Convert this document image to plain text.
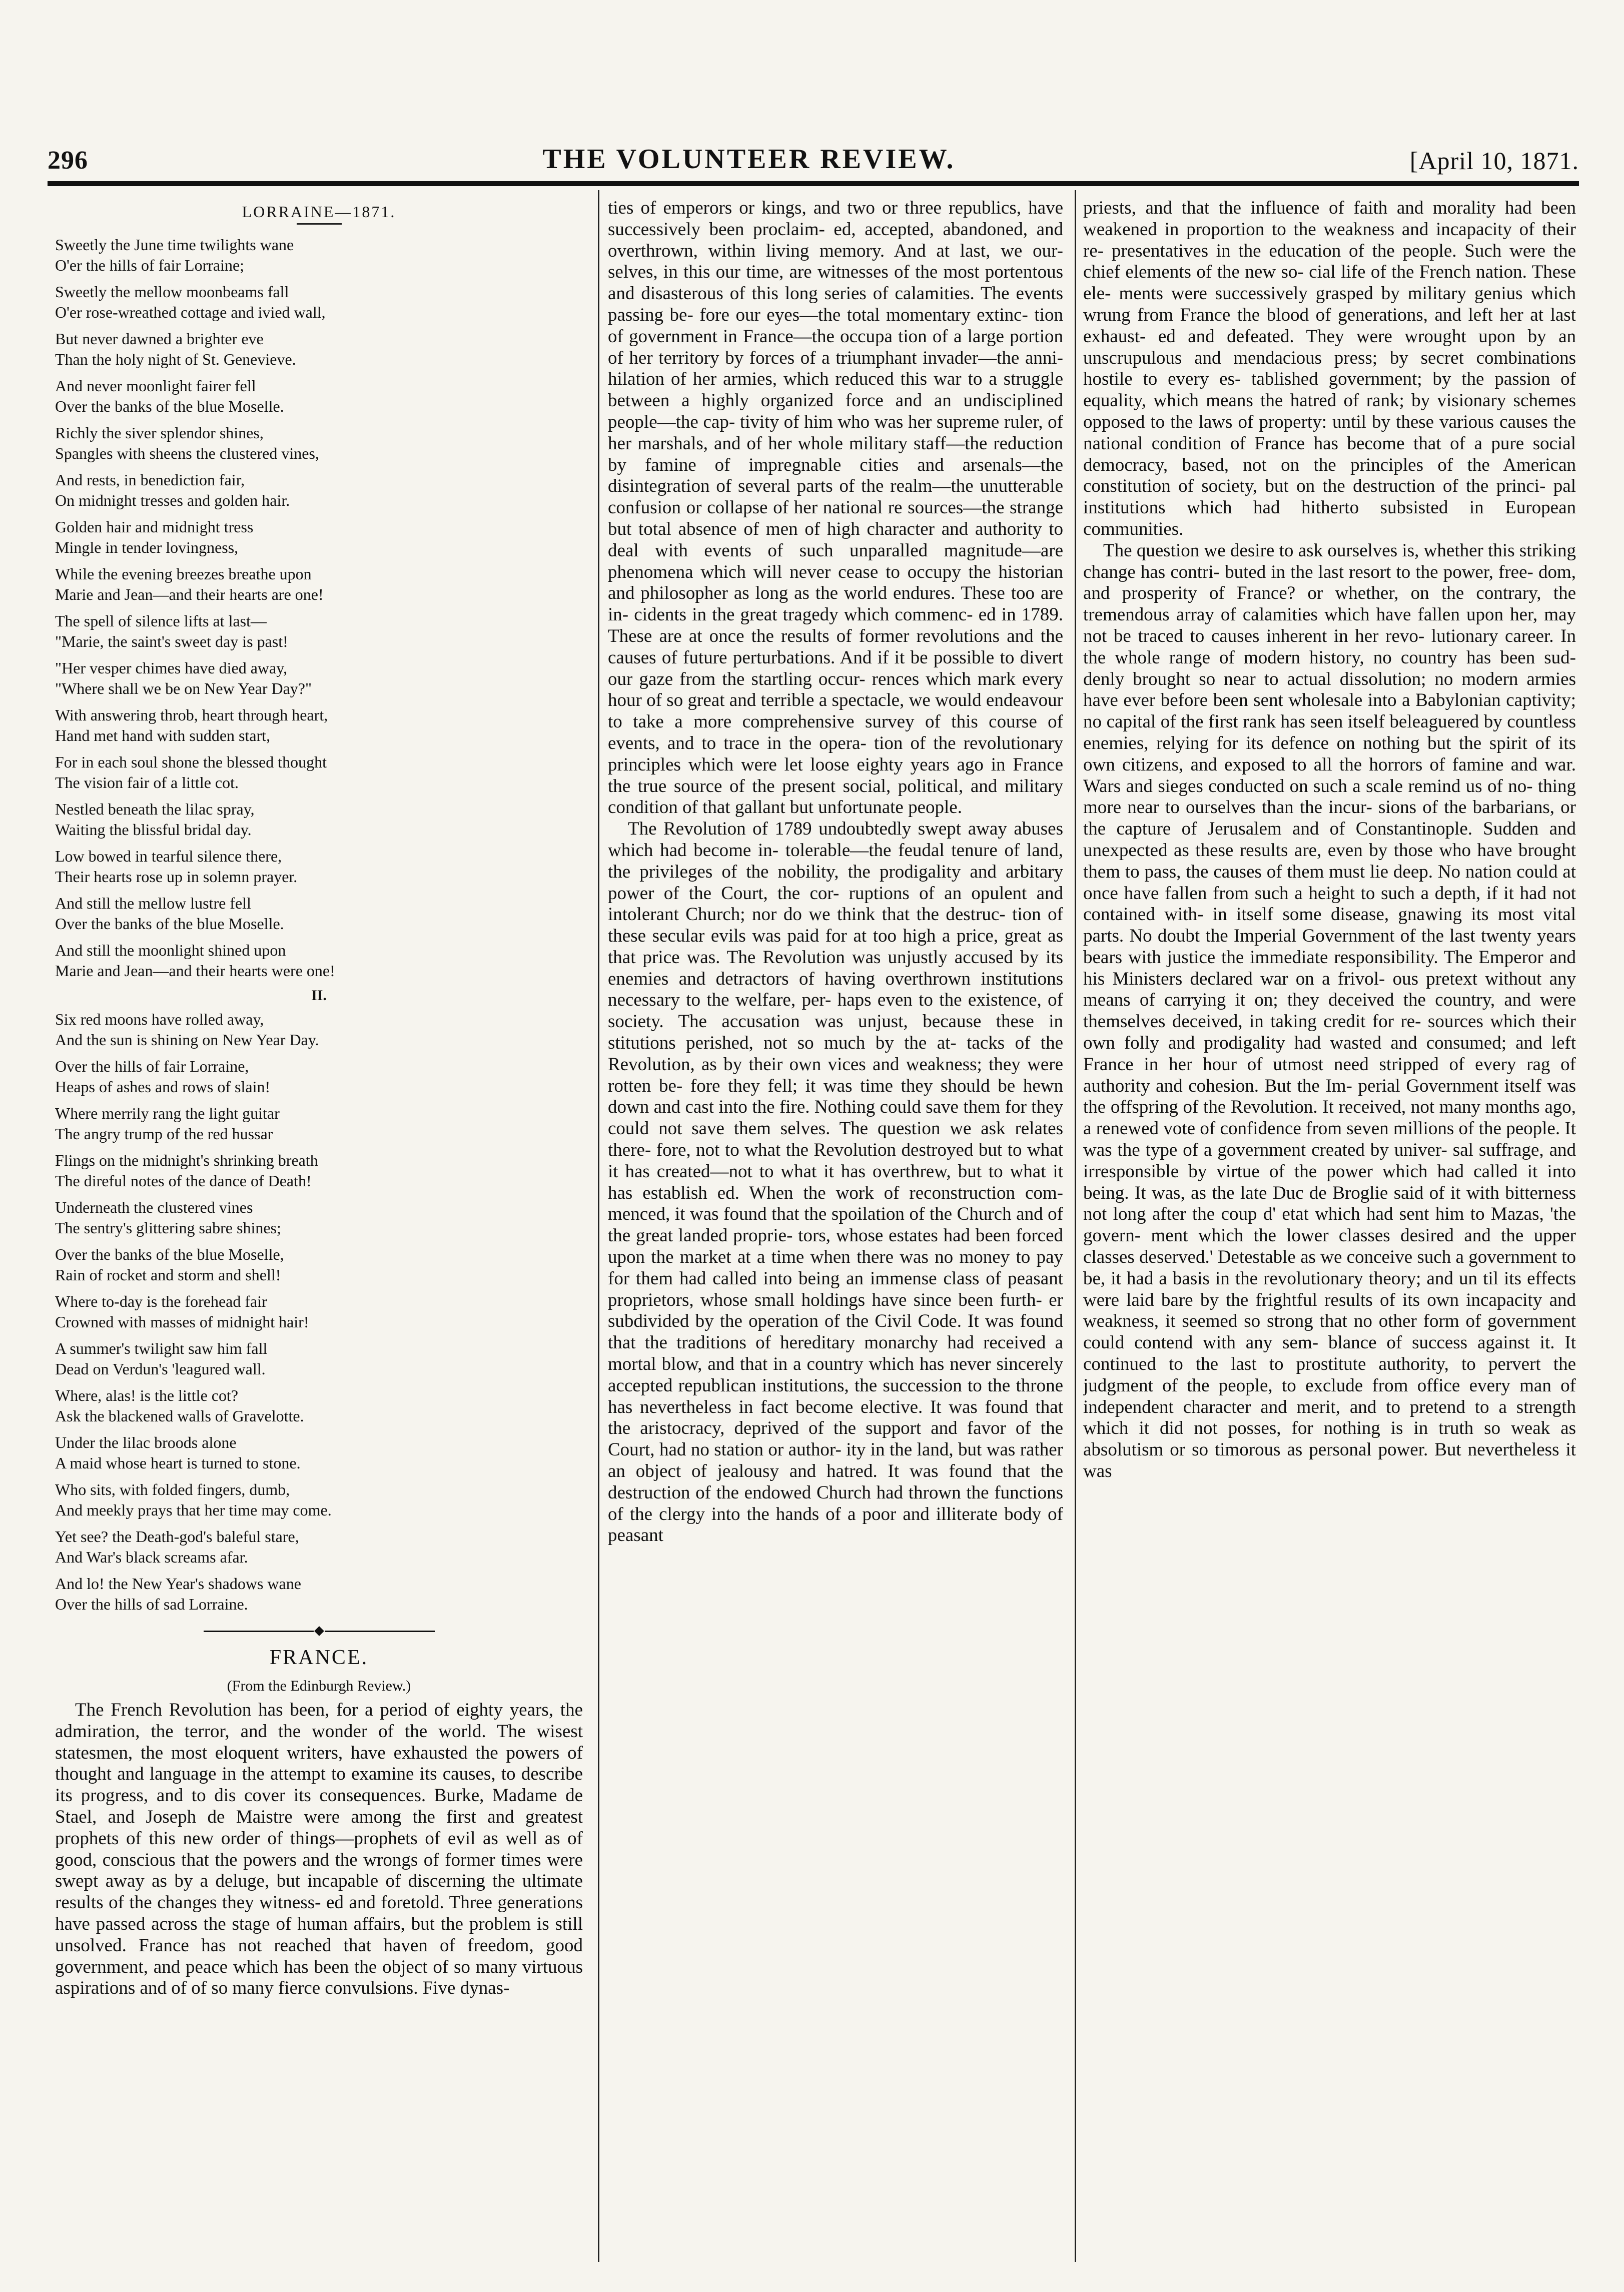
296	THE VOLUNTEER REVIEW.	[April 10, 1871.
LORRAINE—1871.

Sweetly the June time twilights wane
O'er the hills of fair Lorraine;

Sweetly the mellow moonbeams fall
O'er rose-wreathed cottage and ivied wall,

But never dawned a brighter eve
Than the holy night of St. Genevieve.

And never moonlight fairer fell
Over the banks of the blue Moselle.

Richly the siver splendor shines,
Spangles with sheens the clustered vines,

And rests, in benediction fair,
On midnight tresses and golden hair.

Golden hair and midnight tress
Mingle in tender lovingness,

While the evening breezes breathe upon
Marie and Jean—and their hearts are one!

The spell of silence lifts at last—
"Marie, the saint's sweet day is past!

"Her vesper chimes have died away,
"Where shall we be on New Year Day?"

With answering throb, heart through heart,
Hand met hand with sudden start,

For in each soul shone the blessed thought
The vision fair of a little cot.

Nestled beneath the lilac spray,
Waiting the blissful bridal day.

Low bowed in tearful silence there,
Their hearts rose up in solemn prayer.

And still the mellow lustre fell
Over the banks of the blue Moselle.

And still the moonlight shined upon
Marie and Jean—and their hearts were one!

II.

Six red moons have rolled away,
And the sun is shining on New Year Day.

Over the hills of fair Lorraine,
Heaps of ashes and rows of slain!

Where merrily rang the light guitar
The angry trump of the red hussar

Flings on the midnight's shrinking breath
The direful notes of the dance of Death!

Underneath the clustered vines
The sentry's glittering sabre shines;

Over the banks of the blue Moselle,
Rain of rocket and storm and shell!

Where to-day is the forehead fair
Crowned with masses of midnight hair!

A summer's twilight saw him fall
Dead on Verdun's 'leagured wall.

Where, alas! is the little cot?
Ask the blackened walls of Gravelotte.

Under the lilac broods alone
A maid whose heart is turned to stone.

Who sits, with folded fingers, dumb,
And meekly prays that her time may come.

Yet see? the Death-god's baleful stare,
And War's black screams afar.

And lo! the New Year's shadows wane
Over the hills of sad Lorraine.

FRANCE.
(From the Edinburgh Review.)

The French Revolution has been, for a period of eighty years, the admiration, the terror, and the wonder of the world. The wisest statesmen, the most eloquent writers, have exhausted the powers of thought and language in the attempt to examine its causes, to describe its progress, and to dis cover its consequences. Burke, Madame de Stael, and Joseph de Maistre were among the first and greatest prophets of this new order of things—prophets of evil as well as of good, conscious that the powers and the wrongs of former times were swept away as by a deluge, but incapable of discerning the ultimate results of the changes they witness- ed and foretold. Three generations have passed across the stage of human affairs, but the problem is still unsolved. France has not reached that haven of freedom, good government, and peace which has been the object of so many virtuous aspirations and of of so many fierce convulsions. Five dynas-

ties of emperors or kings, and two or three republics, have successively been proclaim- ed, accepted, abandoned, and overthrown, within living memory. And at last, we our- selves, in this our time, are witnesses of the most portentous and disasterous of this long series of calamities. The events passing be- fore our eyes—the total momentary extinc- tion of government in France—the occupa tion of a large portion of her territory by forces of a triumphant invader—the anni- hilation of her armies, which reduced this war to a struggle between a highly organized force and an undisciplined people—the cap- tivity of him who was her supreme ruler, of her marshals, and of her whole military staff—the reduction by famine of impregnable cities and arsenals—the disintegration of several parts of the realm—the unutterable confusion or collapse of her national re sources—the strange but total absence of men of high character and authority to deal with events of such unparalled magnitude—are phenomena which will never cease to occupy the historian and philosopher as long as the world endures. These too are in- cidents in the great tragedy which commenc- ed in 1789. These are at once the results of former revolutions and the causes of future perturbations. And if it be possible to divert our gaze from the startling occur- rences which mark every hour of so great and terrible a spectacle, we would endeavour to take a more comprehensive survey of this course of events, and to trace in the opera- tion of the revolutionary principles which were let loose eighty years ago in France the true source of the present social, political, and military condition of that gallant but unfortunate people.

The Revolution of 1789 undoubtedly swept away abuses which had become in- tolerable—the feudal tenure of land, the privileges of the nobility, the prodigality and arbitary power of the Court, the cor- ruptions of an opulent and intolerant Church; nor do we think that the destruc- tion of these secular evils was paid for at too high a price, great as that price was. The Revolution was unjustly accused by its enemies and detractors of having overthrown institutions necessary to the welfare, per- haps even to the existence, of society. The accusation was unjust, because these in stitutions perished, not so much by the at- tacks of the Revolution, as by their own vices and weakness; they were rotten be- fore they fell; it was time they should be hewn down and cast into the fire. Nothing could save them for they could not save them selves. The question we ask relates there- fore, not to what the Revolution destroyed but to what it has created—not to what it has overthrew, but to what it has establish ed. When the work of reconstruction com- menced, it was found that the spoilation of the Church and of the great landed proprie- tors, whose estates had been forced upon the market at a time when there was no money to pay for them had called into being an immense class of peasant proprietors, whose small holdings have since been furth- er subdivided by the operation of the Civil Code. It was found that the traditions of hereditary monarchy had received a mortal blow, and that in a country which has never sincerely accepted republican institutions, the succession to the throne has nevertheless in fact become elective. It was found that the aristocracy, deprived of the support and favor of the Court, had no station or author- ity in the land, but was rather an object of jealousy and hatred. It was found that the destruction of the endowed Church had thrown the functions of the clergy into the hands of a poor and illiterate body of peasant

priests, and that the influence of faith and morality had been weakened in proportion to the weakness and incapacity of their re- presentatives in the education of the people. Such were the chief elements of the new so- cial life of the French nation. These ele- ments were successively grasped by military genius which wrung from France the blood of generations, and left her at last exhaust- ed and defeated. They were wrought upon by an unscrupulous and mendacious press; by secret combinations hostile to every es- tablished government; by the passion of equality, which means the hatred of rank; by visionary schemes opposed to the laws of property: until by these various causes the national condition of France has become that of a pure social democracy, based, not on the principles of the American constitution of society, but on the destruction of the princi- pal institutions which had hitherto subsisted in European communities.

The question we desire to ask ourselves is, whether this striking change has contri- buted in the last resort to the power, free- dom, and prosperity of France? or whether, on the contrary, the tremendous array of calamities which have fallen upon her, may not be traced to causes inherent in her revo- lutionary career. In the whole range of modern history, no country has been sud- denly brought so near to actual dissolution; no modern armies have ever before been sent wholesale into a Babylonian captivity; no capital of the first rank has seen itself beleaguered by countless enemies, relying for its defence on nothing but the spirit of its own citizens, and exposed to all the horrors of famine and war. Wars and sieges conducted on such a scale remind us of no- thing more near to ourselves than the incur- sions of the barbarians, or the capture of Jerusalem and of Constantinople. Sudden and unexpected as these results are, even by those who have brought them to pass, the causes of them must lie deep. No nation could at once have fallen from such a height to such a depth, if it had not contained with- in itself some disease, gnawing its most vital parts. No doubt the Imperial Government of the last twenty years bears with justice the immediate responsibility. The Emperor and his Ministers declared war on a frivol- ous pretext without any means of carrying it on; they deceived the country, and were themselves deceived, in taking credit for re- sources which their own folly and prodigality had wasted and consumed; and left France in her hour of utmost need stripped of every rag of authority and cohesion. But the Im- perial Government itself was the offspring of the Revolution. It received, not many months ago, a renewed vote of confidence from seven millions of the people. It was the type of a government created by univer- sal suffrage, and irresponsible by virtue of the power which had called it into being. It was, as the late Duc de Broglie said of it with bitterness not long after the coup d' etat which had sent him to Mazas, 'the govern- ment which the lower classes desired and the upper classes deserved.' Detestable as we conceive such a government to be, it had a basis in the revolutionary theory; and un til its effects were laid bare by the frightful results of its own incapacity and weakness, it seemed so strong that no other form of government could contend with any sem- blance of success against it. It continued to the last to prostitute authority, to pervert the judgment of the people, to exclude from office every man of independent character and merit, and to pretend to a strength which it did not posses, for nothing is in truth so weak as absolutism or so timorous as personal power. But nevertheless it was
